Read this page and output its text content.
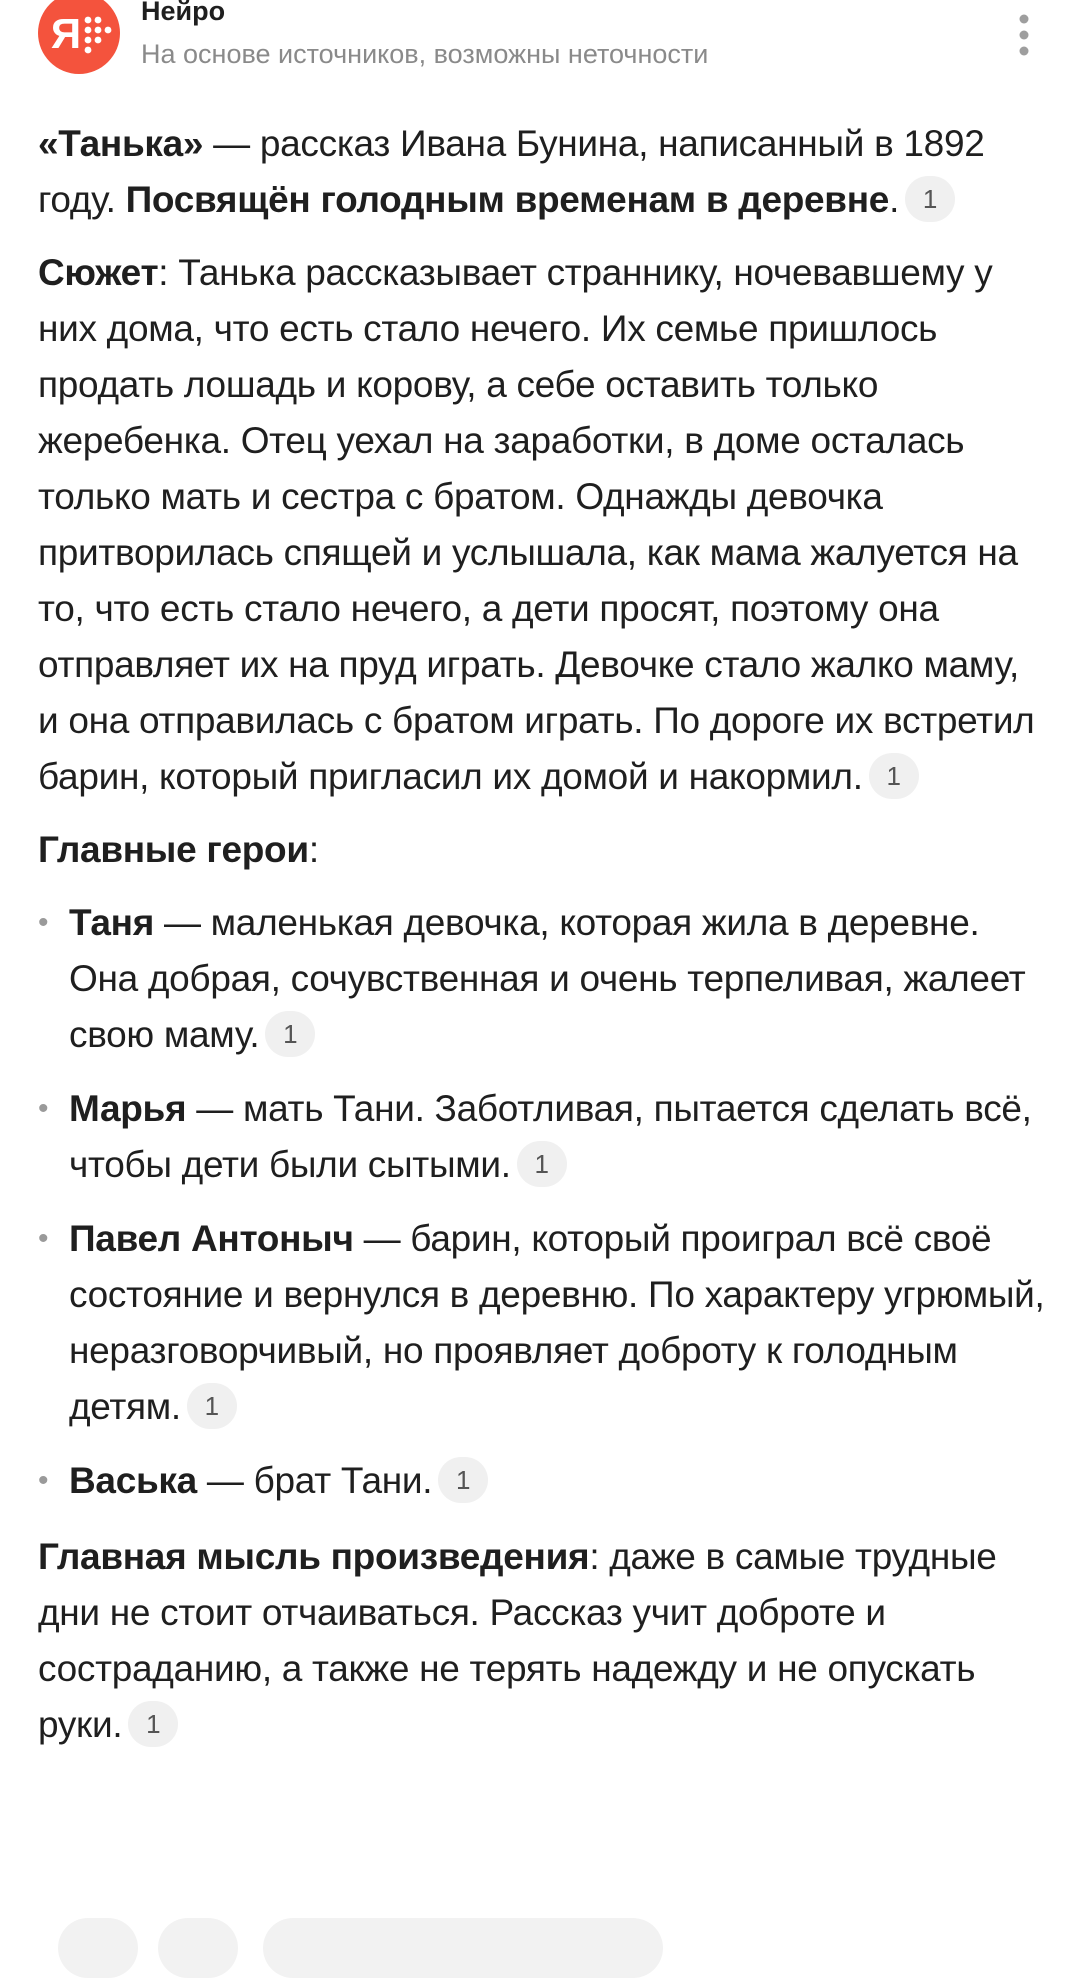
Я Нейро
На основе источников, возможны неточности

«Танька» — рассказ Ивана Бунина, написанный в 1892 году. Посвящён голодным временам в деревне. 1

Сюжет: Танька рассказывает страннику, ночевавшему у них дома, что есть стало нечего. Их семье пришлось продать лошадь и корову, а себе оставить только жеребенка. Отец уехал на заработки, в доме осталась только мать и сестра с братом. Однажды девочка притворилась спящей и услышала, как мама жалуется на то, что есть стало нечего, а дети просят, поэтому она отправляет их на пруд играть. Девочке стало жалко маму, и она отправилась с братом играть. По дороге их встретил барин, который пригласил их домой и накормил. 1

Главные герои:

• Таня — маленькая девочка, которая жила в деревне. Она добрая, сочувственная и очень терпеливая, жалеет свою маму. 1
• Марья — мать Тани. Заботливая, пытается сделать всё, чтобы дети были сытыми. 1
• Павел Антоныч — барин, который проиграл всё своё состояние и вернулся в деревню. По характеру угрюмый, неразговорчивый, но проявляет доброту к голодным детям. 1
• Васька — брат Тани. 1

Главная мысль произведения: даже в самые трудные дни не стоит отчаиваться. Рассказ учит доброте и состраданию, а также не терять надежду и не опускать руки. 1
